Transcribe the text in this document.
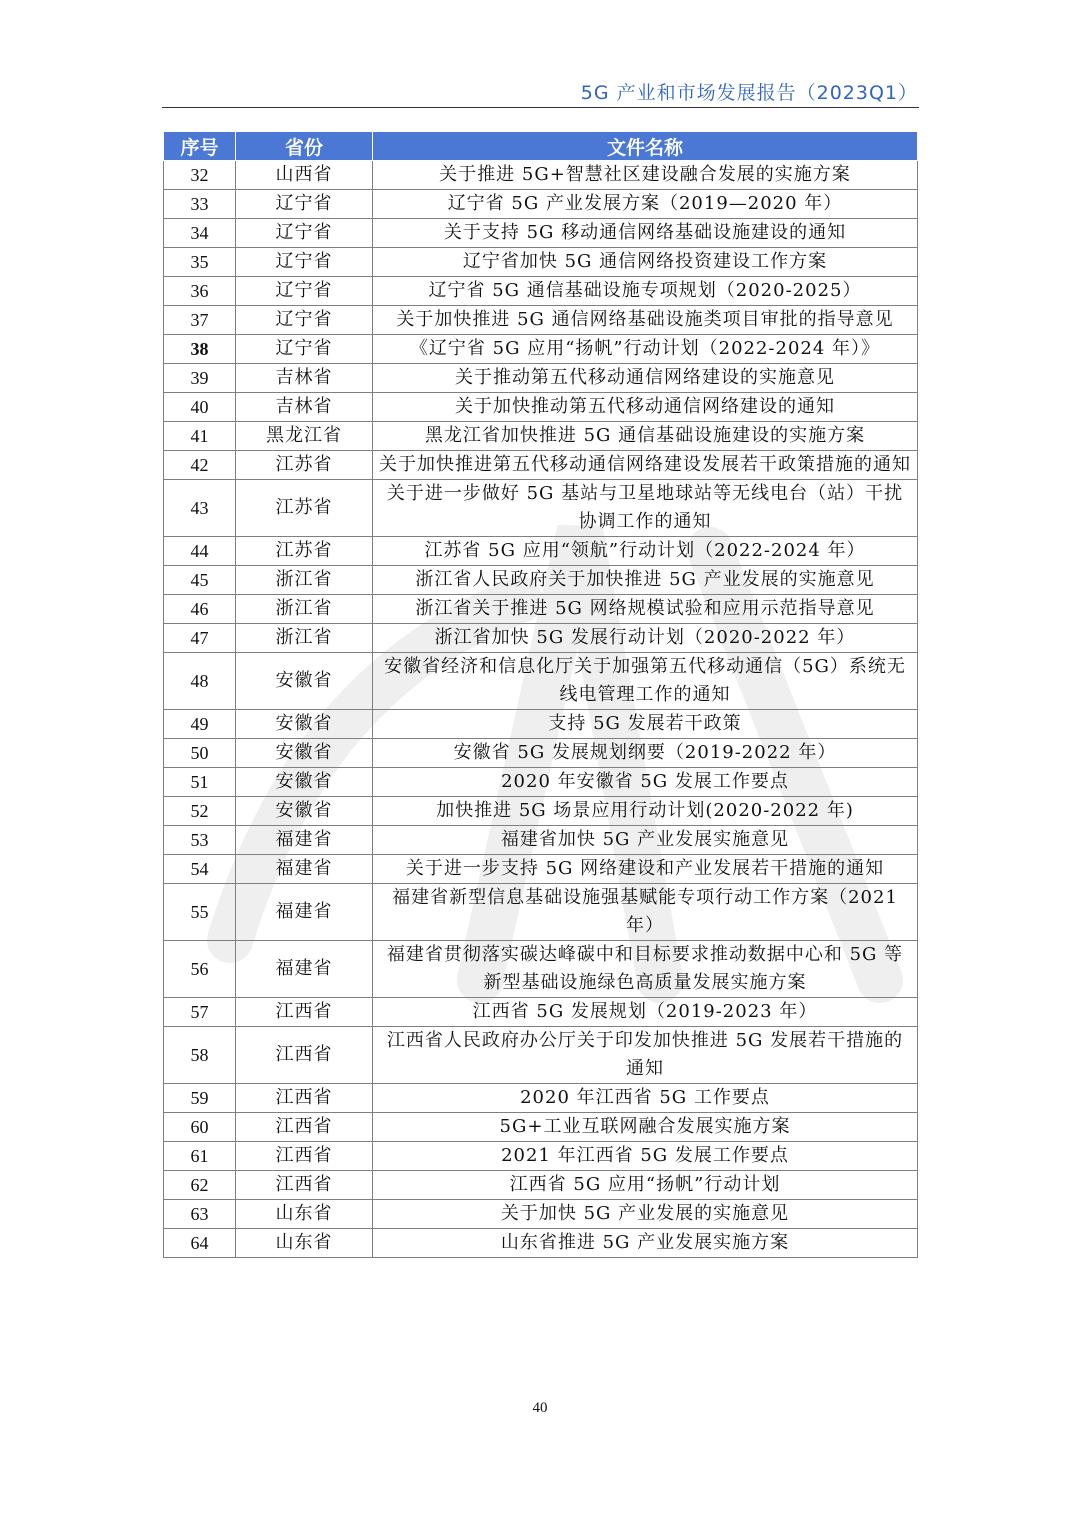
5G 产业和市场发展报告（2023Q1）
序号	省份	文件名称
32	山西省	关于推进 5G+智慧社区建设融合发展的实施方案
33	辽宁省	辽宁省 5G 产业发展方案（2019—2020 年）
34	辽宁省	关于支持 5G 移动通信网络基础设施建设的通知
35	辽宁省	辽宁省加快 5G 通信网络投资建设工作方案
36	辽宁省	辽宁省 5G 通信基础设施专项规划（2020-2025）
37	辽宁省	关于加快推进 5G 通信网络基础设施类项目审批的指导意见
38	辽宁省	《辽宁省 5G 应用“扬帆”行动计划（2022-2024 年）》
39	吉林省	关于推动第五代移动通信网络建设的实施意见
40	吉林省	关于加快推动第五代移动通信网络建设的通知
41	黑龙江省	黑龙江省加快推进 5G 通信基础设施建设的实施方案
42	江苏省	关于加快推进第五代移动通信网络建设发展若干政策措施的通知
43	江苏省	关于进一步做好 5G 基站与卫星地球站等无线电台（站）干扰协调工作的通知
44	江苏省	江苏省 5G 应用“领航”行动计划（2022-2024 年）
45	浙江省	浙江省人民政府关于加快推进 5G 产业发展的实施意见
46	浙江省	浙江省关于推进 5G 网络规模试验和应用示范指导意见
47	浙江省	浙江省加快 5G 发展行动计划（2020-2022 年）
48	安徽省	安徽省经济和信息化厅关于加强第五代移动通信（5G）系统无线电管理工作的通知
49	安徽省	支持 5G 发展若干政策
50	安徽省	安徽省 5G 发展规划纲要（2019-2022 年）
51	安徽省	2020 年安徽省 5G 发展工作要点
52	安徽省	加快推进 5G 场景应用行动计划(2020-2022 年)
53	福建省	福建省加快 5G 产业发展实施意见
54	福建省	关于进一步支持 5G 网络建设和产业发展若干措施的通知
55	福建省	福建省新型信息基础设施强基赋能专项行动工作方案（2021 年）
56	福建省	福建省贯彻落实碳达峰碳中和目标要求推动数据中心和 5G 等新型基础设施绿色高质量发展实施方案
57	江西省	江西省 5G 发展规划（2019-2023 年）
58	江西省	江西省人民政府办公厅关于印发加快推进 5G 发展若干措施的通知
59	江西省	2020 年江西省 5G 工作要点
60	江西省	5G+工业互联网融合发展实施方案
61	江西省	2021 年江西省 5G 发展工作要点
62	江西省	江西省 5G 应用“扬帆”行动计划
63	山东省	关于加快 5G 产业发展的实施意见
64	山东省	山东省推进 5G 产业发展实施方案
40
